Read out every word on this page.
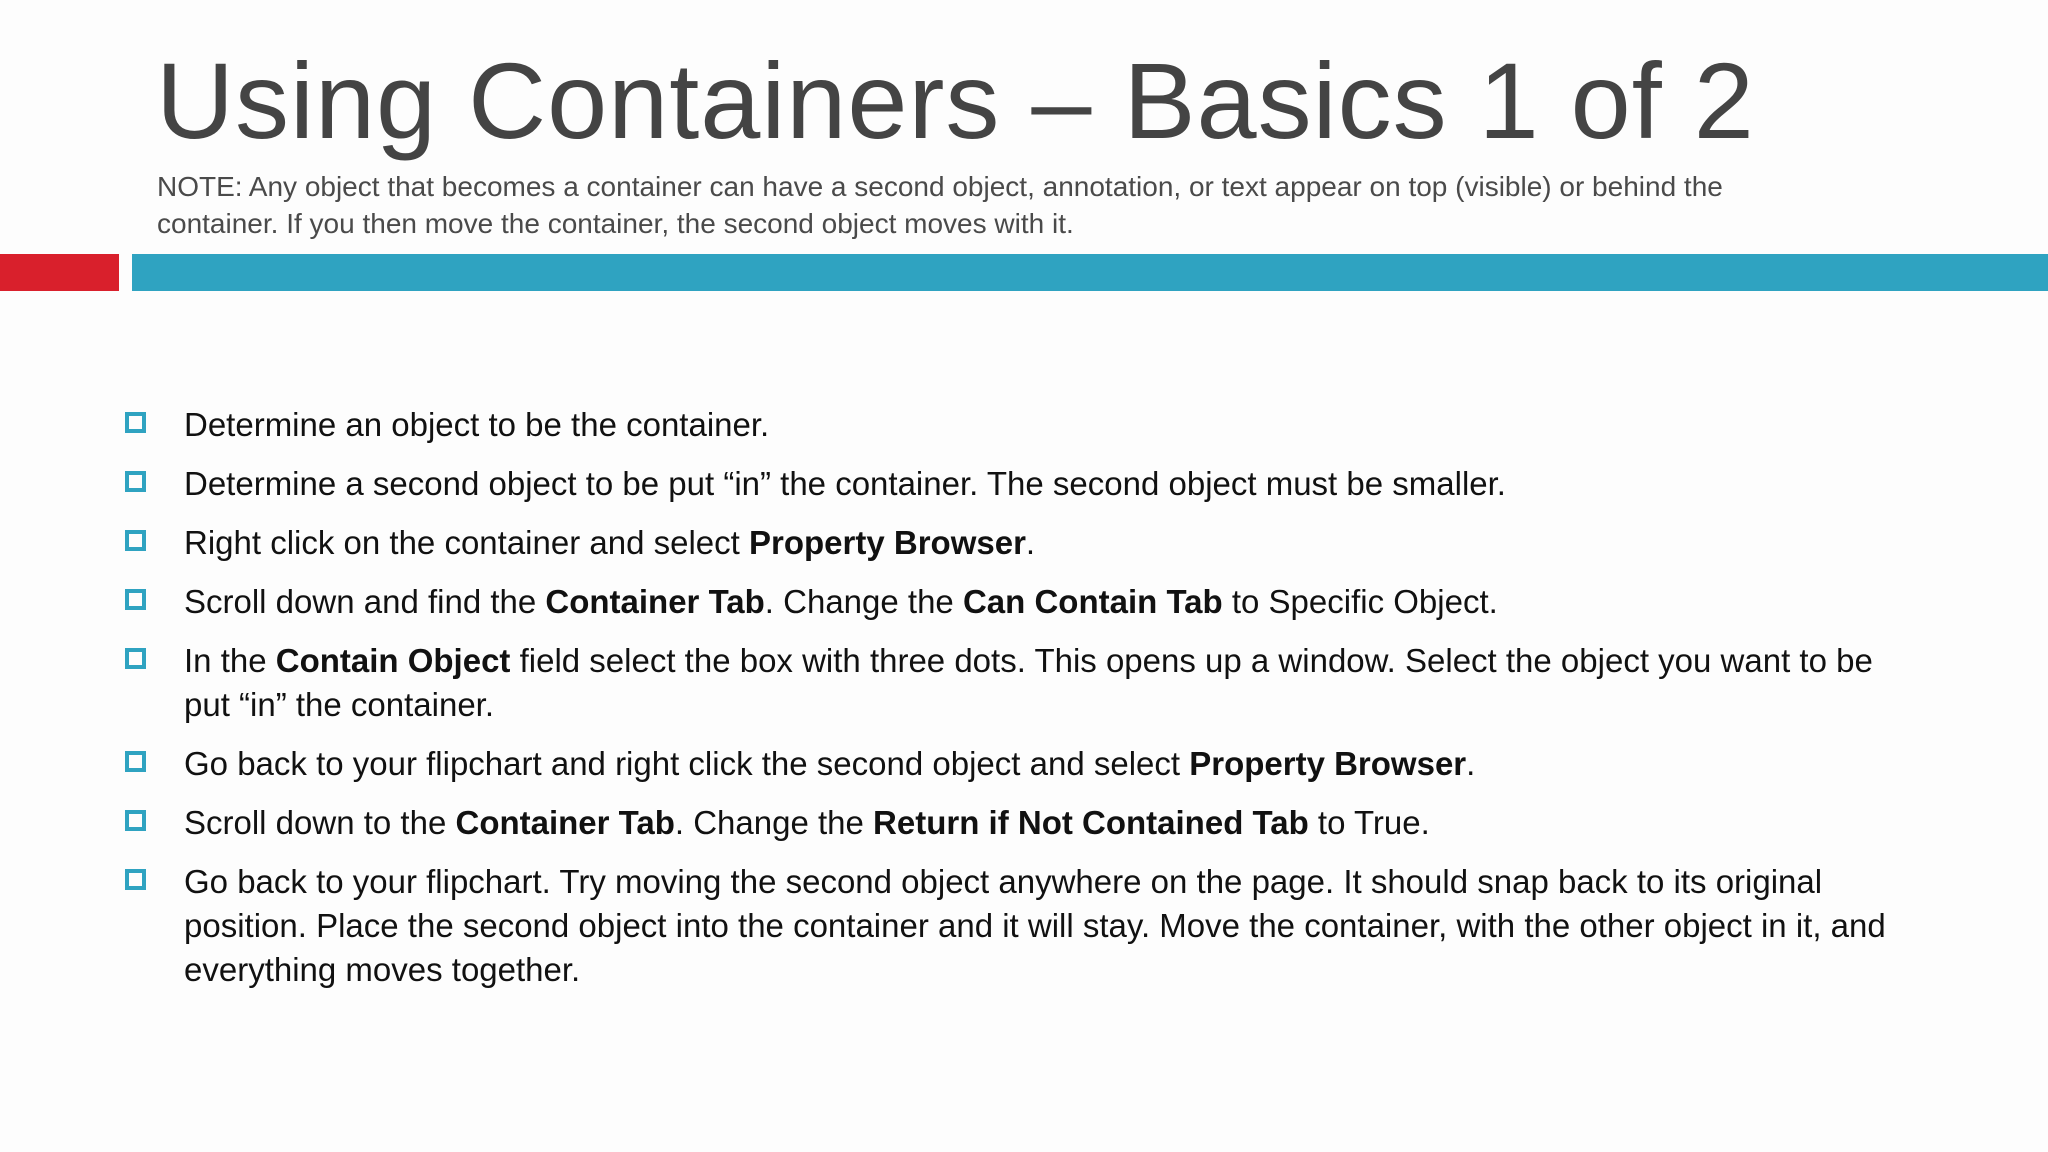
Using Containers – Basics 1 of 2

NOTE: Any object that becomes a container can have a second object, annotation, or text appear on top (visible) or behind the
container. If you then move the container, the second object moves with it.

Determine an object to be the container.
Determine a second object to be put “in” the container. The second object must be smaller.
Right click on the container and select Property Browser.
Scroll down and find the Container Tab. Change the Can Contain Tab to Specific Object.
In the Contain Object field select the box with three dots. This opens up a window. Select the object you want to be put “in” the container.
Go back to your flipchart and right click the second object and select Property Browser.
Scroll down to the Container Tab. Change the Return if Not Contained Tab to True.
Go back to your flipchart. Try moving the second object anywhere on the page. It should snap back to its original position. Place the second object into the container and it will stay. Move the container, with the other object in it, and everything moves together.
